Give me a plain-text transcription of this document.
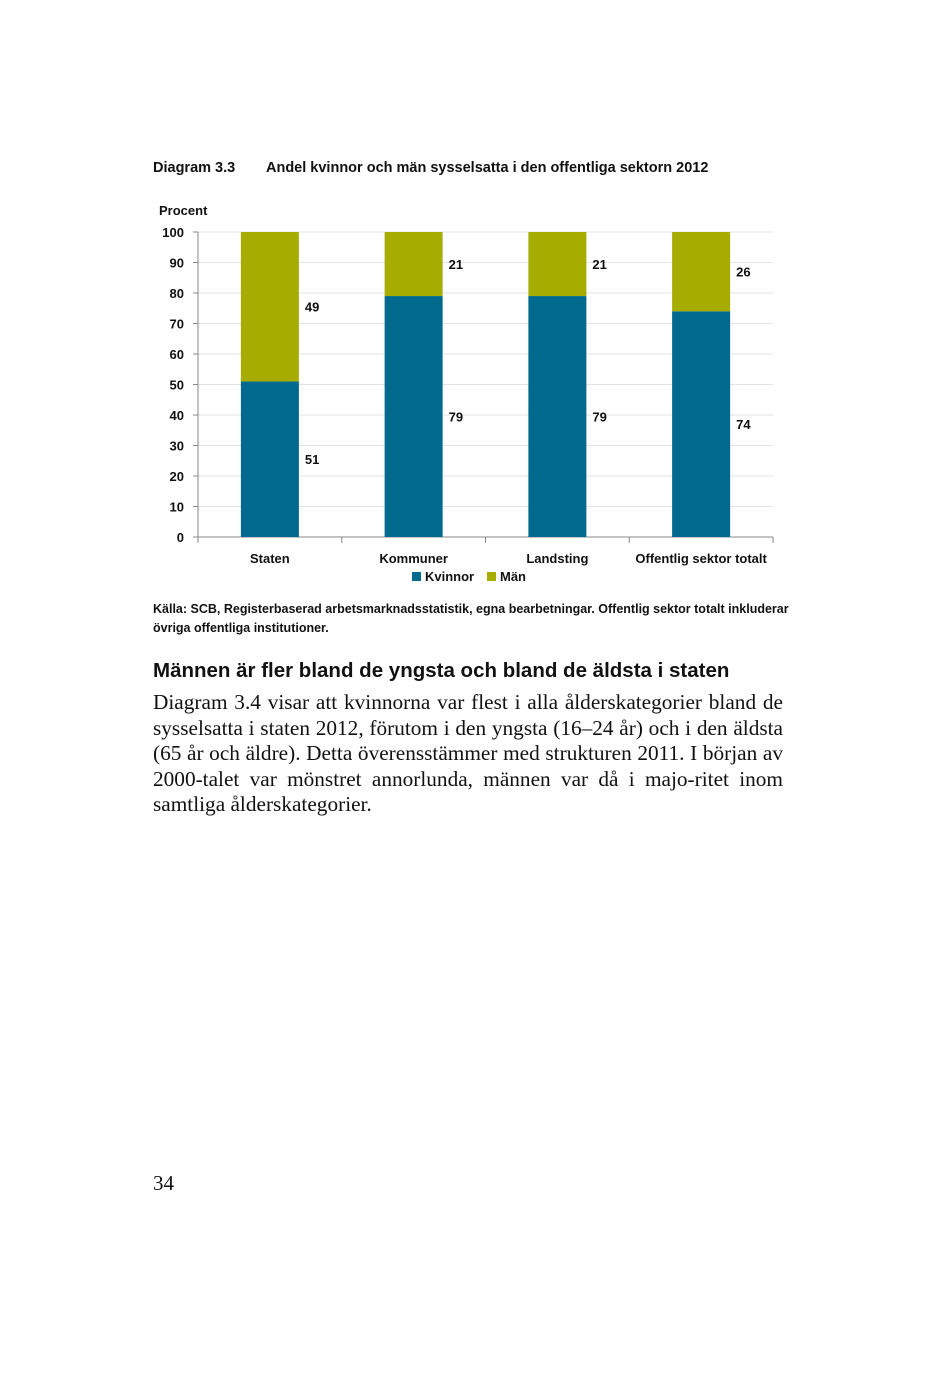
Diagram 3.3 Andel kvinnor och män sysselsatta i den offentliga sektorn 2012
Procent
0
10
20
30
40
50
60
70
80
90
100
51
49
Staten
79
21
Kommuner
79
21
Landsting
74
26
Offentlig sektor totalt
Kvinnor Män
Källa: SCB, Registerbaserad arbetsmarknadsstatistik, egna bearbetningar. Offentlig sektor totalt inkluderar övriga offentliga institutioner.
Männen är fler bland de yngsta och bland de äldsta i staten
Diagram 3.4 visar att kvinnorna var flest i alla ålderskategorier bland de sysselsatta i staten 2012, förutom i den yngsta (16–24 år) och i den äldsta (65 år och äldre). Detta överensstämmer med strukturen 2011. I början av 2000-talet var mönstret annorlunda, männen var då i majo-ritet inom samtliga ålderskategorier.
34
